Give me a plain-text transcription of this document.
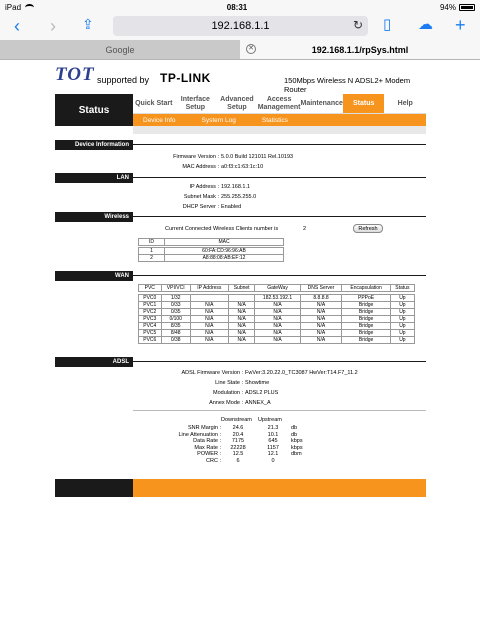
iPad	08:31	94%
‹ › ⇪	192.168.1.1	↻ ▯ ☁ +
Google	✕	192.168.1.1/rpSys.html
TOT supported by TP-LINK	150Mbps Wireless N ADSL2+ Modem Router
Status
Quick Start
Interface Setup
Advanced Setup
Access Management
Maintenance	Status	Help
Device Info	System Log	Statistics
Device Information
Firmware Version : 5.0.0 Build 121011 Rel.10193
MAC Address : a0:f3:c1:63:1c:10
LAN
IP Address : 192.168.1.1
Subnet Mask : 255.255.255.0
DHCP Server : Enabled
Wireless
Current Connected Wireless Clients number is	2	Refresh
ID	MAC

1	60:FA:CD:96:96:AB
2	A8:88:08:AB:EF:12
WAN
PVC	VPI/VCI	IP Address	Subnet	GateWay	DNS Server	Encapsulation	Status

PVC0	1/32			182.53.192.1	8.8.8.8	PPPoE	Up
PVC1	0/33	N/A	N/A	N/A	N/A	Bridge	Up
PVC2	0/35	N/A	N/A	N/A	N/A	Bridge	Up
PVC3	0/100	N/A	N/A	N/A	N/A	Bridge	Up
PVC4	8/35	N/A	N/A	N/A	N/A	Bridge	Up
PVC5	8/48	N/A	N/A	N/A	N/A	Bridge	Up
PVC6	0/38	N/A	N/A	N/A	N/A	Bridge	Up
ADSL
ADSL Firmware Version : FwVer:3.20.22.0_TC3087 HwVer:T14.F7_11.2
Line State : Showtime
Modulation : ADSL2 PLUS
Annex Mode : ANNEX_A
Downstream Upstream
SNR Margin : 24.6	21.3 db
Line Attenuation : 20.4	10.1 db
Data Rate : 7175	645 kbps
Max Rate : 22228	1157 kbps
POWER : 12.5	12.1 dbm
CRC :	6	0
